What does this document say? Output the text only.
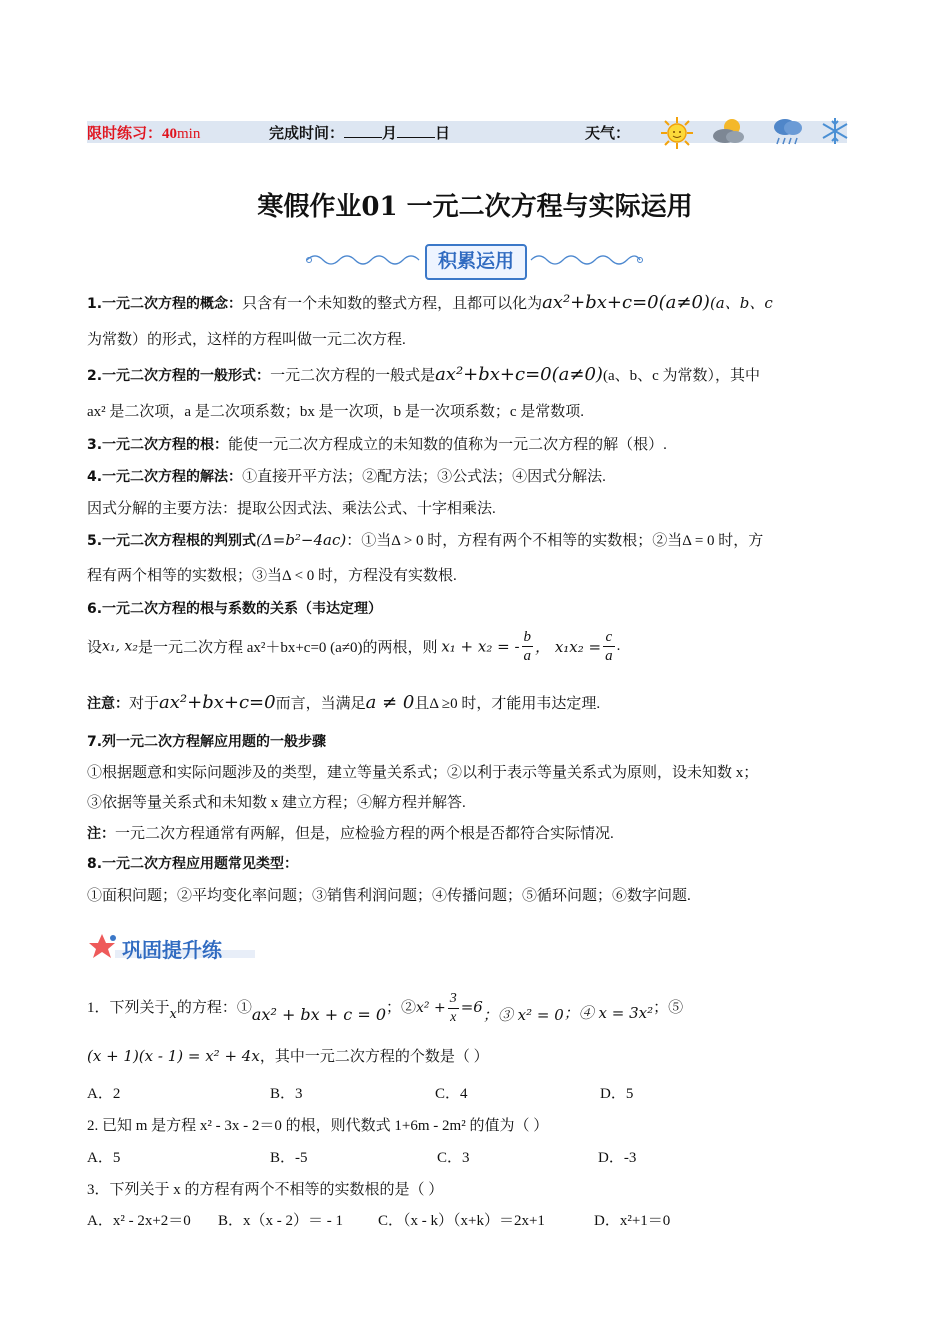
限时练习：40min	完成时间：	月	日	天气：
寒假作业01 一元二次方程与实际运用
积累运用
1.一元二次方程的概念：只含有一个未知数的整式方程，且都可以化为ax²+bx+c=0(a≠0)(a、b、c
为常数）的形式，这样的方程叫做一元二次方程.
2.一元二次方程的一般形式：一元二次方程的一般式是ax²+bx+c=0(a≠0)(a、b、c 为常数），其中
ax² 是二次项，a 是二次项系数；bx 是一次项，b 是一次项系数；c 是常数项.
3.一元二次方程的根：能使一元二次方程成立的未知数的值称为一元二次方程的解（根）.
4.一元二次方程的解法：①直接开平方法；②配方法；③公式法；④因式分解法.
因式分解的主要方法：提取公因式法、乘法公式、十字相乘法.
5.一元二次方程根的判别式(Δ=b²−4ac)：①当Δ > 0 时，方程有两个不相等的实数根；②当Δ = 0 时，方
程有两个相等的实数根；③当Δ < 0 时，方程没有实数根.
6.一元二次方程的根与系数的关系（韦达定理）
设x₁, x₂是一元二次方程 ax²＋bx+c=0 (a≠0)的两根，则 x₁ + x₂ = - $\frac{b}{a}$ ， $x_1x_2 = \frac{c}{a}$ .
注意：对于ax²+bx+c=0而言，当满足a ≠ 0且Δ ≥0 时，才能用韦达定理.
7.列一元二次方程解应用题的一般步骤
①根据题意和实际问题涉及的类型，建立等量关系式；②以利于表示等量关系式为原则，设未知数 x；
③依据等量关系式和未知数 x 建立方程；④解方程并解答.
注：一元二次方程通常有两解，但是，应检验方程的两个根是否都符合实际情况.
8.一元二次方程应用题常见类型：
①面积问题；②平均变化率问题；③销售利润问题；④传播问题；⑤循环问题；⑥数字问题.
巩固提升练
1．下列关于x的方程：①ax² + bx + c = 0；②x² + $\frac{3}{x} =6$；③ x² = 0；④ x = 3x²；⑤
(x + 1)(x - 1) = x² + 4x，其中一元二次方程的个数是（ ）
A．2	B．3	C．4	D．5
2. 已知 m 是方程 x² - 3x - 2＝0 的根，则代数式 1+6m - 2m² 的值为（ ）
A．5	B．-5	C．3	D．-3
3．下列关于 x 的方程有两个不相等的实数根的是（ ）
A．x² - 2x+2＝0 B．x（x - 2）＝ - 1 C．（x - k）（x+k）＝2x+1	D．x²+1＝0
